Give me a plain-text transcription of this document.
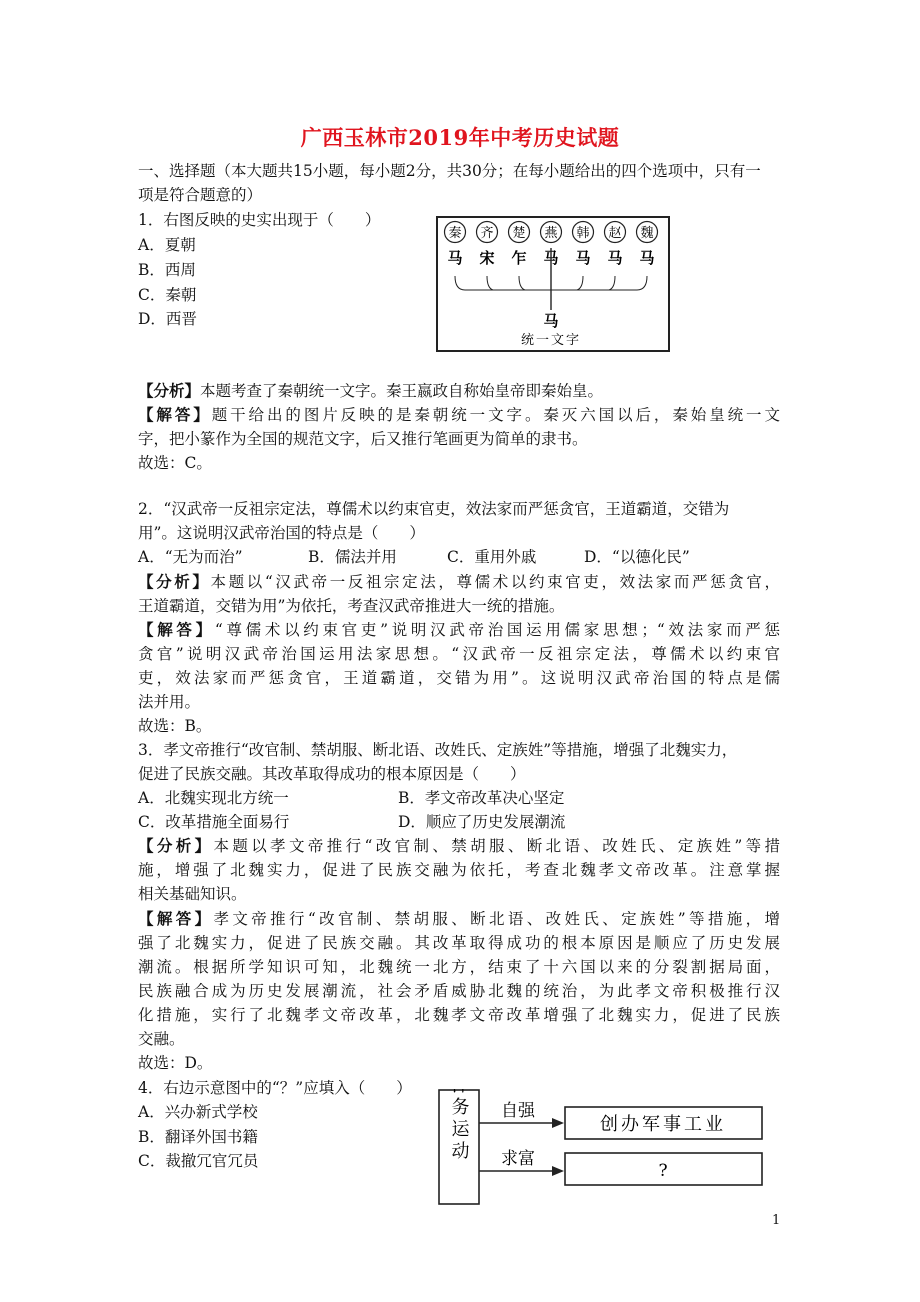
广西玉林市2019年中考历史试题
一、选择题（本大题共15小题，每小题2分，共30分；在每小题给出的四个选项中，只有一
项是符合题意的）
1．右图反映的史实出现于（　　）
A．夏朝
B．西周
C．秦朝
D．西晋
秦 齐 楚 燕 韩 赵 魏
马 宋 乍 马 马 马 马
马
统一文字
【分析】本题考查了秦朝统一文字。秦王嬴政自称始皇帝即秦始皇。
【解答】题干给出的图片反映的是秦朝统一文字。秦灭六国以后，秦始皇统一文
字，把小篆作为全国的规范文字，后又推行笔画更为简单的隶书。
故选：C。
2．“汉武帝一反祖宗定法，尊儒术以约束官吏，效法家而严惩贪官，王道霸道，交错为
用”。这说明汉武帝治国的特点是（　　）
A．“无为而治”	B．儒法并用	C．重用外戚	D．“以德化民”
【分析】本题以“汉武帝一反祖宗定法，尊儒术以约束官吏，效法家而严惩贪官，
王道霸道，交错为用”为依托，考查汉武帝推进大一统的措施。
【解答】“尊儒术以约束官吏”说明汉武帝治国运用儒家思想；“效法家而严惩
贪官”说明汉武帝治国运用法家思想。“汉武帝一反祖宗定法，尊儒术以约束官
吏，效法家而严惩贪官，王道霸道，交错为用”。这说明汉武帝治国的特点是儒
法并用。
故选：B。
3．孝文帝推行“改官制、禁胡服、断北语、改姓氏、定族姓”等措施，增强了北魏实力，
促进了民族交融。其改革取得成功的根本原因是（　　）
A．北魏实现北方统一	B．孝文帝改革决心坚定
C．改革措施全面易行	D．顺应了历史发展潮流
【分析】本题以孝文帝推行“改官制、禁胡服、断北语、改姓氏、定族姓”等措
施，增强了北魏实力，促进了民族交融为依托，考查北魏孝文帝改革。注意掌握
相关基础知识。
【解答】孝文帝推行“改官制、禁胡服、断北语、改姓氏、定族姓”等措施，增
强了北魏实力，促进了民族交融。其改革取得成功的根本原因是顺应了历史发展
潮流。根据所学知识可知，北魏统一北方，结束了十六国以来的分裂割据局面，
民族融合成为历史发展潮流，社会矛盾威胁北魏的统治，为此孝文帝积极推行汉
化措施，实行了北魏孝文帝改革，北魏孝文帝改革增强了北魏实力，促进了民族
交融。
故选：D。
4．右边示意图中的“？”应填入（　　）
A．兴办新式学校
B．翻译外国书籍
C．裁撤冗官冗员	洋务运动 自强
求富
创办军事工业
?
1
